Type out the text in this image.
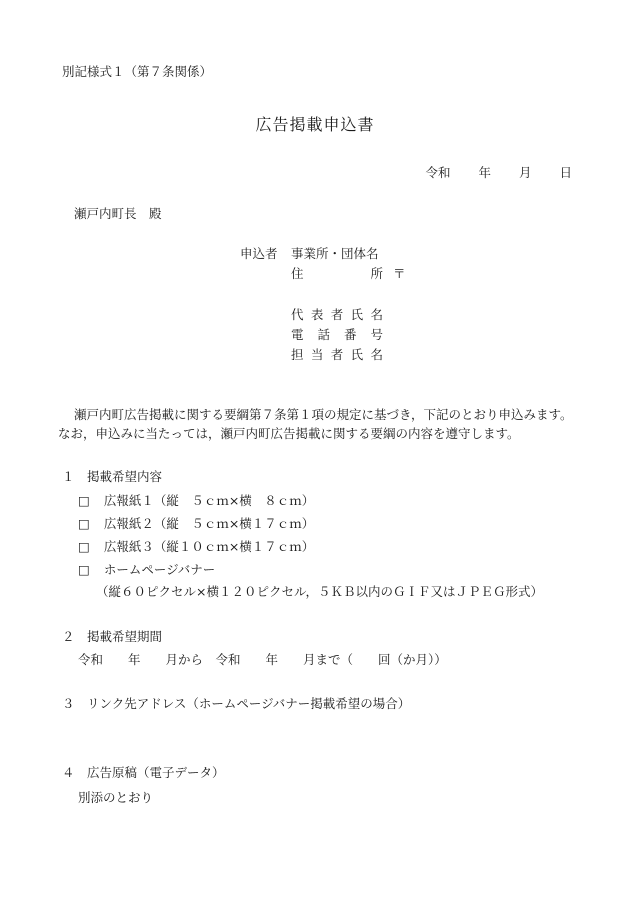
別記様式１（第７条関係）
広告掲載申込書
令和 年 月 日
瀬戸内町長　殿
申込者 事業所・団体名
住所 〒
代表者氏名
電話番号
担当者氏名
瀬戸内町広告掲載に関する要綱第７条第１項の規定に基づき，下記のとおり申込みます。なお，申込みに当たっては，瀬戸内町広告掲載に関する要綱の内容を遵守します。
１　掲載希望内容
□ 広報紙１（縦　５ｃｍ×横　８ｃｍ）
□ 広報紙２（縦　５ｃｍ×横１７ｃｍ）
□ 広報紙３（縦１０ｃｍ×横１７ｃｍ）
□ ホームページバナー
（縦６０ピクセル×横１２０ピクセル，５ＫＢ以内のＧＩＦ又はＪＰＥＧ形式）
２　掲載希望期間
令和　　年　　月から　令和　　年　　月まで（　　回（か月））
３　リンク先アドレス（ホームページバナー掲載希望の場合）
４　広告原稿（電子データ）
別添のとおり
